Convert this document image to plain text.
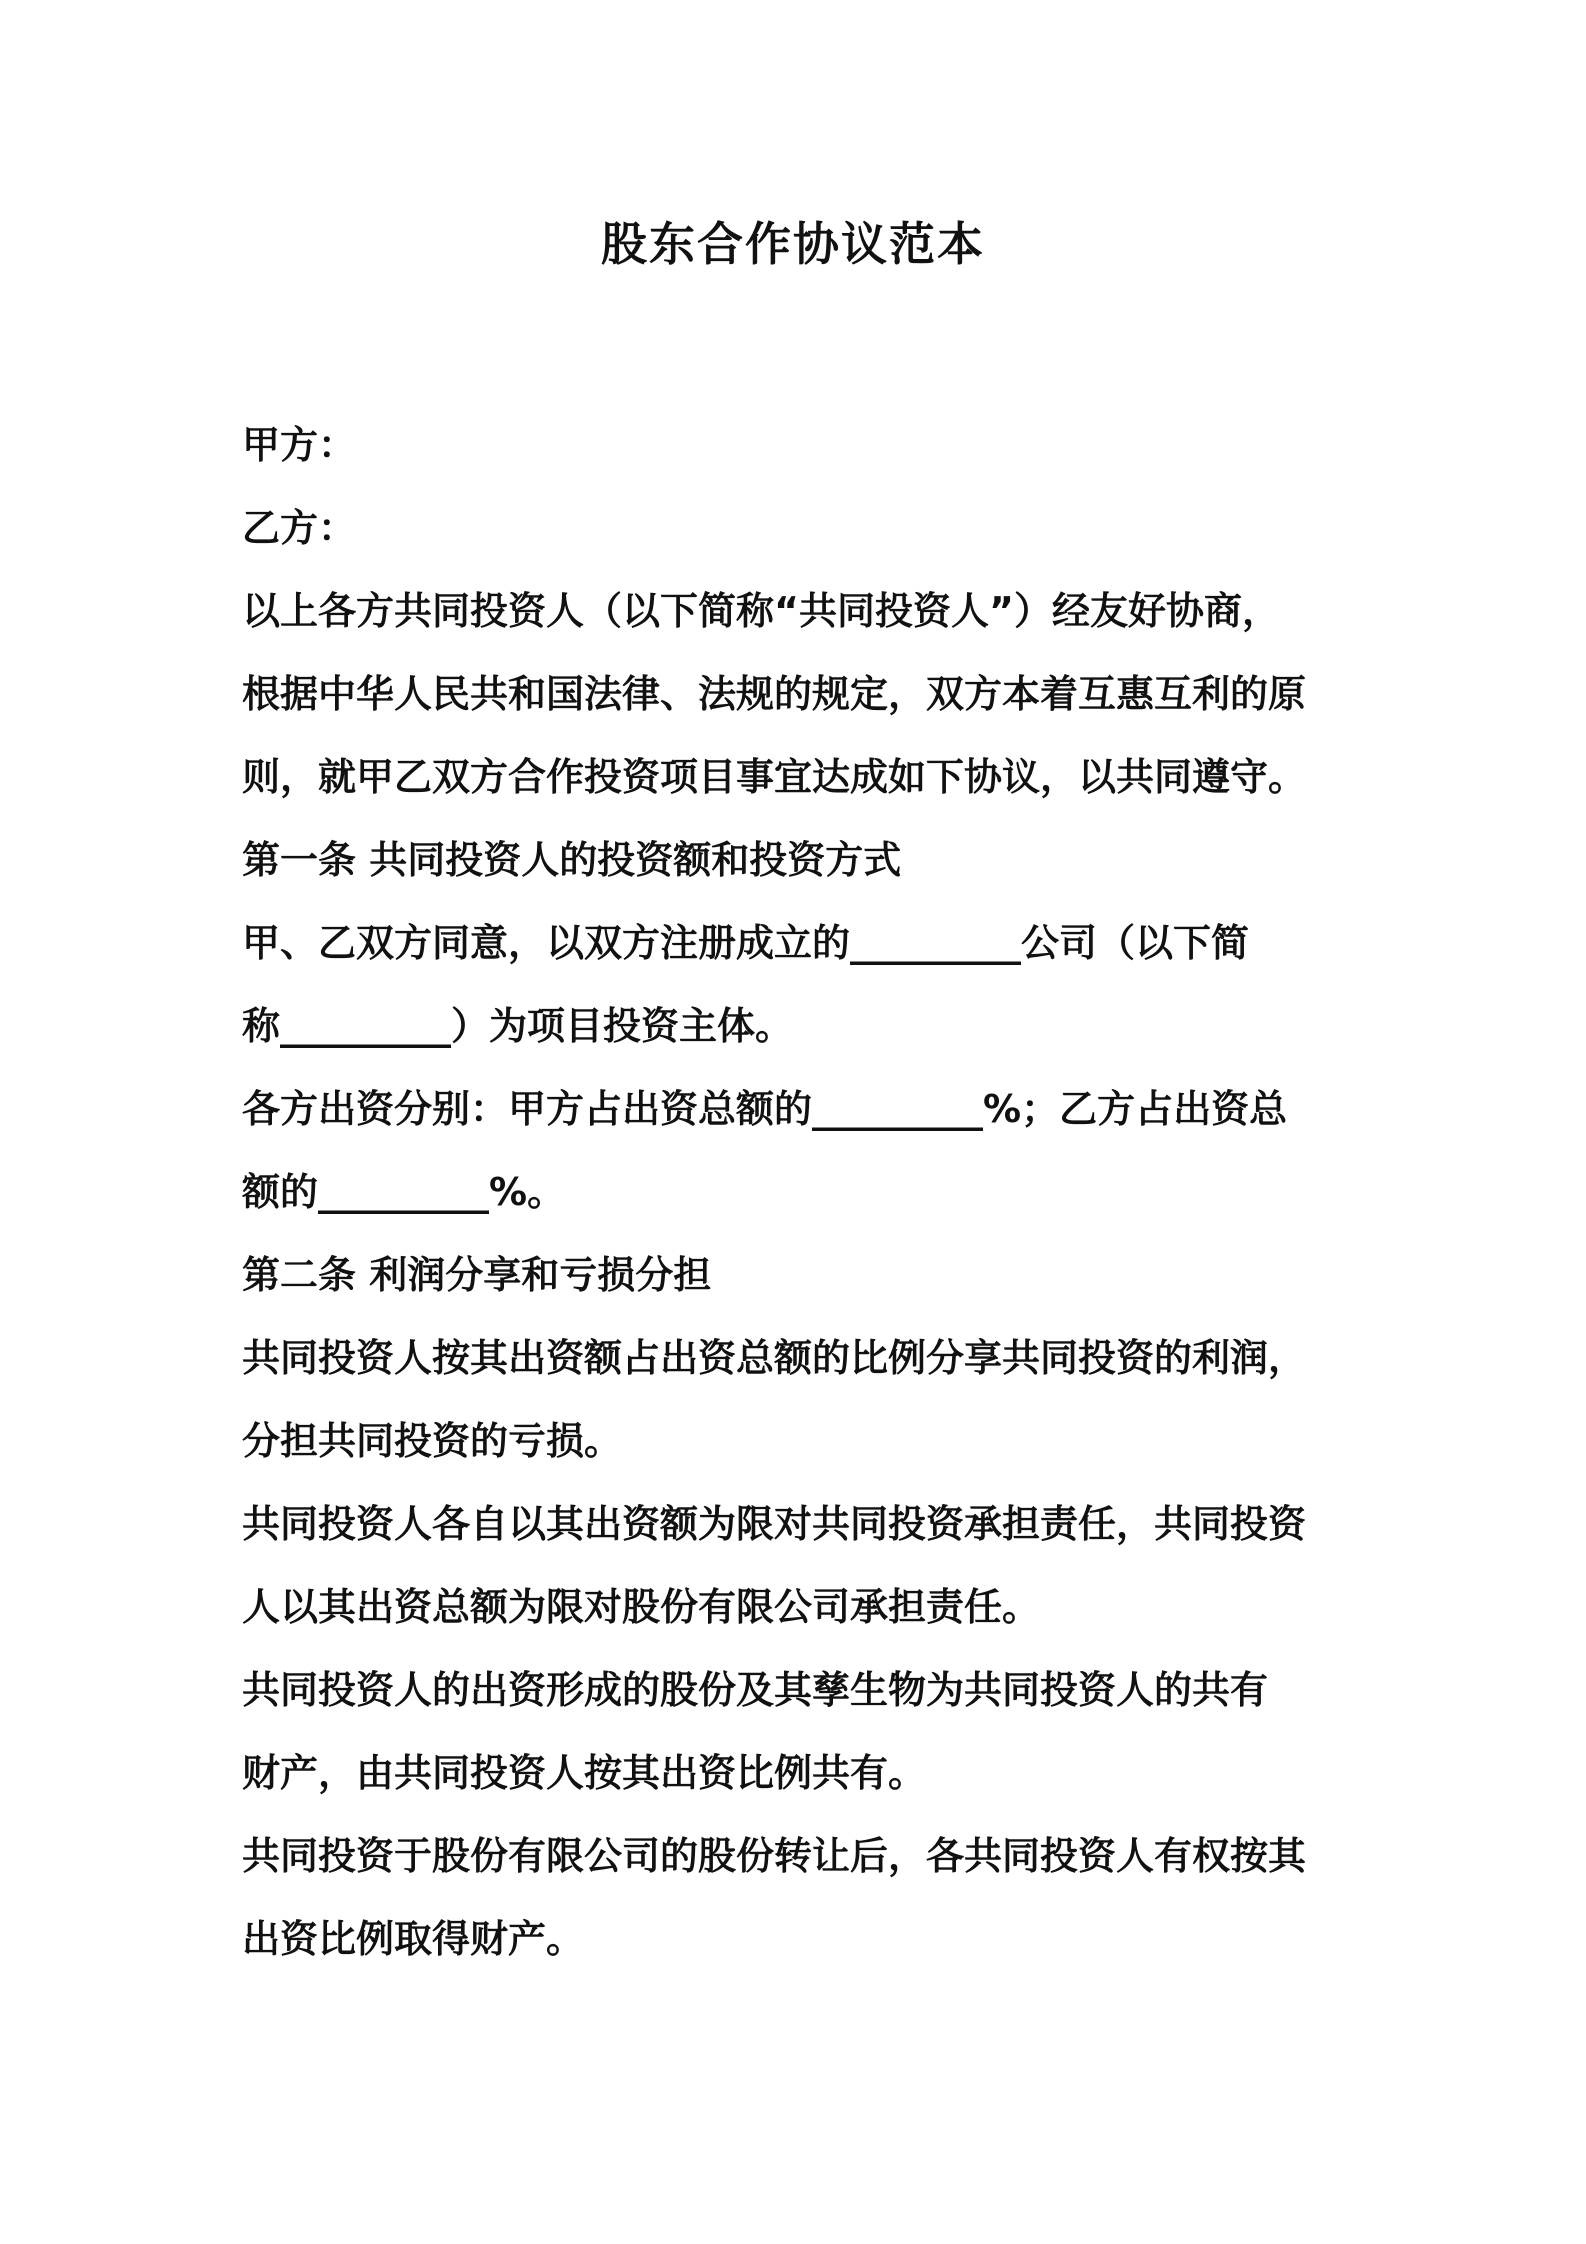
股东合作协议范本
甲方：
乙方：
以上各方共同投资人（以下简称“共同投资人”）经友好协商，
根据中华人民共和国法律、法规的规定，双方本着互惠互利的原
则，就甲乙双方合作投资项目事宜达成如下协议，以共同遵守。
第一条 共同投资人的投资额和投资方式
甲、乙双方同意，以双方注册成立的_________公司（以下简
称_________）为项目投资主体。
各方出资分别：甲方占出资总额的_________%；乙方占出资总
额的_________%。
第二条 利润分享和亏损分担
共同投资人按其出资额占出资总额的比例分享共同投资的利润，
分担共同投资的亏损。
共同投资人各自以其出资额为限对共同投资承担责任，共同投资
人以其出资总额为限对股份有限公司承担责任。
共同投资人的出资形成的股份及其孳生物为共同投资人的共有
财产，由共同投资人按其出资比例共有。
共同投资于股份有限公司的股份转让后，各共同投资人有权按其
出资比例取得财产。
